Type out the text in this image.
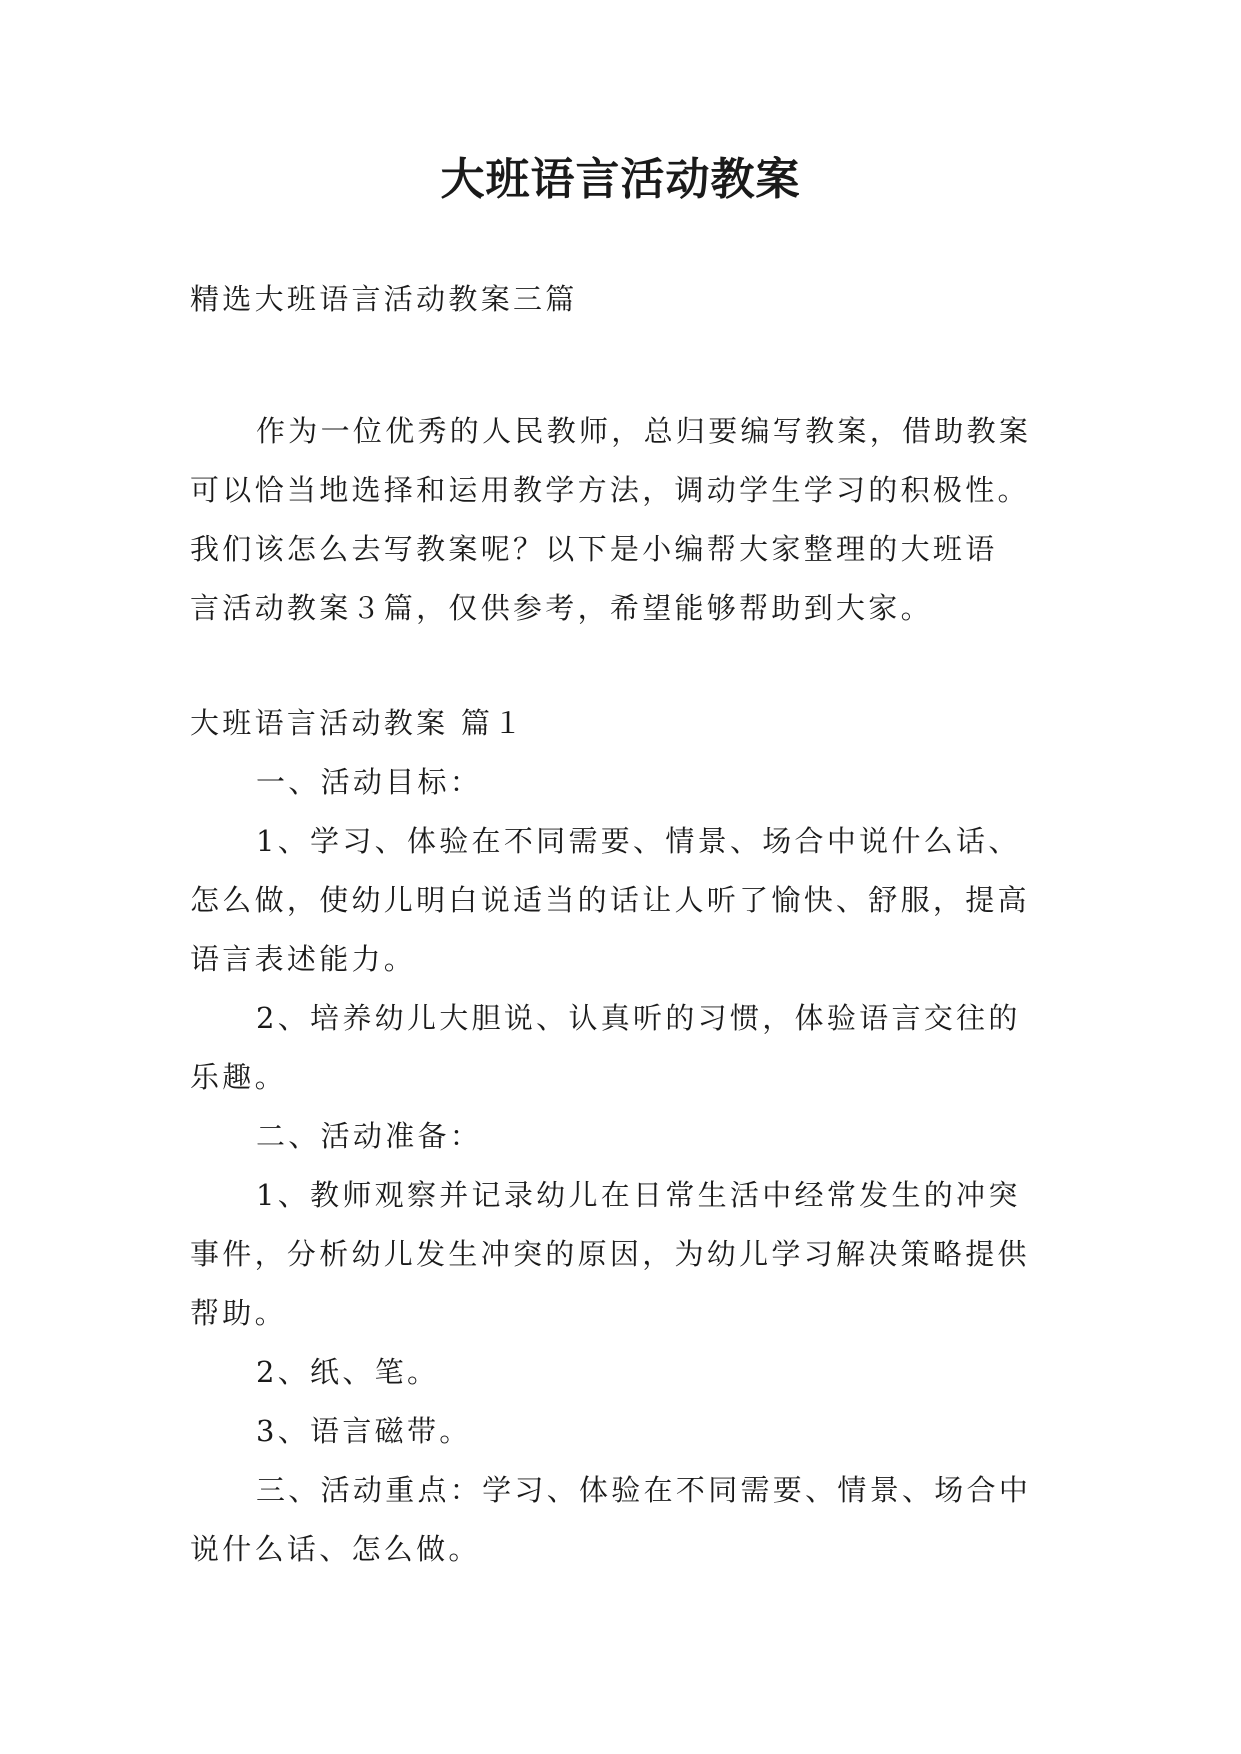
大班语言活动教案

精选大班语言活动教案三篇

作为一位优秀的人民教师，总归要编写教案，借助教案
可以恰当地选择和运用教学方法，调动学生学习的积极性。
我们该怎么去写教案呢？以下是小编帮大家整理的大班语
言活动教案３篇，仅供参考，希望能够帮助到大家。

大班语言活动教案 篇１

一、活动目标：
1、学习、体验在不同需要、情景、场合中说什么话、
怎么做，使幼儿明白说适当的话让人听了愉快、舒服，提高
语言表述能力。
2、培养幼儿大胆说、认真听的习惯，体验语言交往的
乐趣。
二、活动准备：
1、教师观察并记录幼儿在日常生活中经常发生的冲突
事件，分析幼儿发生冲突的原因，为幼儿学习解决策略提供
帮助。
2、纸、笔。
3、语言磁带。
三、活动重点：学习、体验在不同需要、情景、场合中
说什么话、怎么做。
